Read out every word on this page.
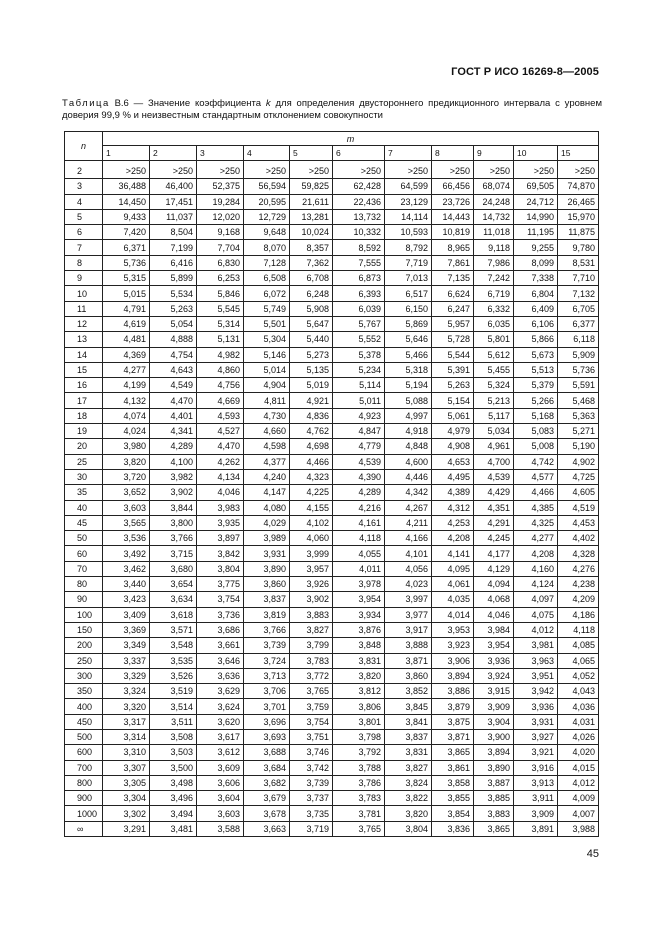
ГОСТ Р ИСО 16269-8—2005
Таблица В.6 — Значение коэффициента k для определения двустороннего предикционного интервала с уровнем доверия 99,9 % и неизвестным стандартным отклонением совокупности
n	m										
	1	2	3	4	5	6	7	8	9	10	15
2	>250	>250	>250	>250	>250	>250	>250	>250	>250	>250	>250
3	36,488	46,400	52,375	56,594	59,825	62,428	64,599	66,456	68,074	69,505	74,870
4	14,450	17,451	19,284	20,595	21,611	22,436	23,129	23,726	24,248	24,712	26,465
5	9,433	11,037	12,020	12,729	13,281	13,732	14,114	14,443	14,732	14,990	15,970
6	7,420	8,504	9,168	9,648	10,024	10,332	10,593	10,819	11,018	11,195	11,875
7	6,371	7,199	7,704	8,070	8,357	8,592	8,792	8,965	9,118	9,255	9,780
8	5,736	6,416	6,830	7,128	7,362	7,555	7,719	7,861	7,986	8,099	8,531
9	5,315	5,899	6,253	6,508	6,708	6,873	7,013	7,135	7,242	7,338	7,710
10	5,015	5,534	5,846	6,072	6,248	6,393	6,517	6,624	6,719	6,804	7,132
11	4,791	5,263	5,545	5,749	5,908	6,039	6,150	6,247	6,332	6,409	6,705
12	4,619	5,054	5,314	5,501	5,647	5,767	5,869	5,957	6,035	6,106	6,377
13	4,481	4,888	5,131	5,304	5,440	5,552	5,646	5,728	5,801	5,866	6,118
14	4,369	4,754	4,982	5,146	5,273	5,378	5,466	5,544	5,612	5,673	5,909
15	4,277	4,643	4,860	5,014	5,135	5,234	5,318	5,391	5,455	5,513	5,736
16	4,199	4,549	4,756	4,904	5,019	5,114	5,194	5,263	5,324	5,379	5,591
17	4,132	4,470	4,669	4,811	4,921	5,011	5,088	5,154	5,213	5,266	5,468
18	4,074	4,401	4,593	4,730	4,836	4,923	4,997	5,061	5,117	5,168	5,363
19	4,024	4,341	4,527	4,660	4,762	4,847	4,918	4,979	5,034	5,083	5,271
20	3,980	4,289	4,470	4,598	4,698	4,779	4,848	4,908	4,961	5,008	5,190
25	3,820	4,100	4,262	4,377	4,466	4,539	4,600	4,653	4,700	4,742	4,902
30	3,720	3,982	4,134	4,240	4,323	4,390	4,446	4,495	4,539	4,577	4,725
35	3,652	3,902	4,046	4,147	4,225	4,289	4,342	4,389	4,429	4,466	4,605
40	3,603	3,844	3,983	4,080	4,155	4,216	4,267	4,312	4,351	4,385	4,519
45	3,565	3,800	3,935	4,029	4,102	4,161	4,211	4,253	4,291	4,325	4,453
50	3,536	3,766	3,897	3,989	4,060	4,118	4,166	4,208	4,245	4,277	4,402
60	3,492	3,715	3,842	3,931	3,999	4,055	4,101	4,141	4,177	4,208	4,328
70	3,462	3,680	3,804	3,890	3,957	4,011	4,056	4,095	4,129	4,160	4,276
80	3,440	3,654	3,775	3,860	3,926	3,978	4,023	4,061	4,094	4,124	4,238
90	3,423	3,634	3,754	3,837	3,902	3,954	3,997	4,035	4,068	4,097	4,209
100	3,409	3,618	3,736	3,819	3,883	3,934	3,977	4,014	4,046	4,075	4,186
150	3,369	3,571	3,686	3,766	3,827	3,876	3,917	3,953	3,984	4,012	4,118
200	3,349	3,548	3,661	3,739	3,799	3,848	3,888	3,923	3,954	3,981	4,085
250	3,337	3,535	3,646	3,724	3,783	3,831	3,871	3,906	3,936	3,963	4,065
300	3,329	3,526	3,636	3,713	3,772	3,820	3,860	3,894	3,924	3,951	4,052
350	3,324	3,519	3,629	3,706	3,765	3,812	3,852	3,886	3,915	3,942	4,043
400	3,320	3,514	3,624	3,701	3,759	3,806	3,845	3,879	3,909	3,936	4,036
450	3,317	3,511	3,620	3,696	3,754	3,801	3,841	3,875	3,904	3,931	4,031
500	3,314	3,508	3,617	3,693	3,751	3,798	3,837	3,871	3,900	3,927	4,026
600	3,310	3,503	3,612	3,688	3,746	3,792	3,831	3,865	3,894	3,921	4,020
700	3,307	3,500	3,609	3,684	3,742	3,788	3,827	3,861	3,890	3,916	4,015
800	3,305	3,498	3,606	3,682	3,739	3,786	3,824	3,858	3,887	3,913	4,012
900	3,304	3,496	3,604	3,679	3,737	3,783	3,822	3,855	3,885	3,911	4,009
1000	3,302	3,494	3,603	3,678	3,735	3,781	3,820	3,854	3,883	3,909	4,007
∞	3,291	3,481	3,588	3,663	3,719	3,765	3,804	3,836	3,865	3,891	3,988
45
